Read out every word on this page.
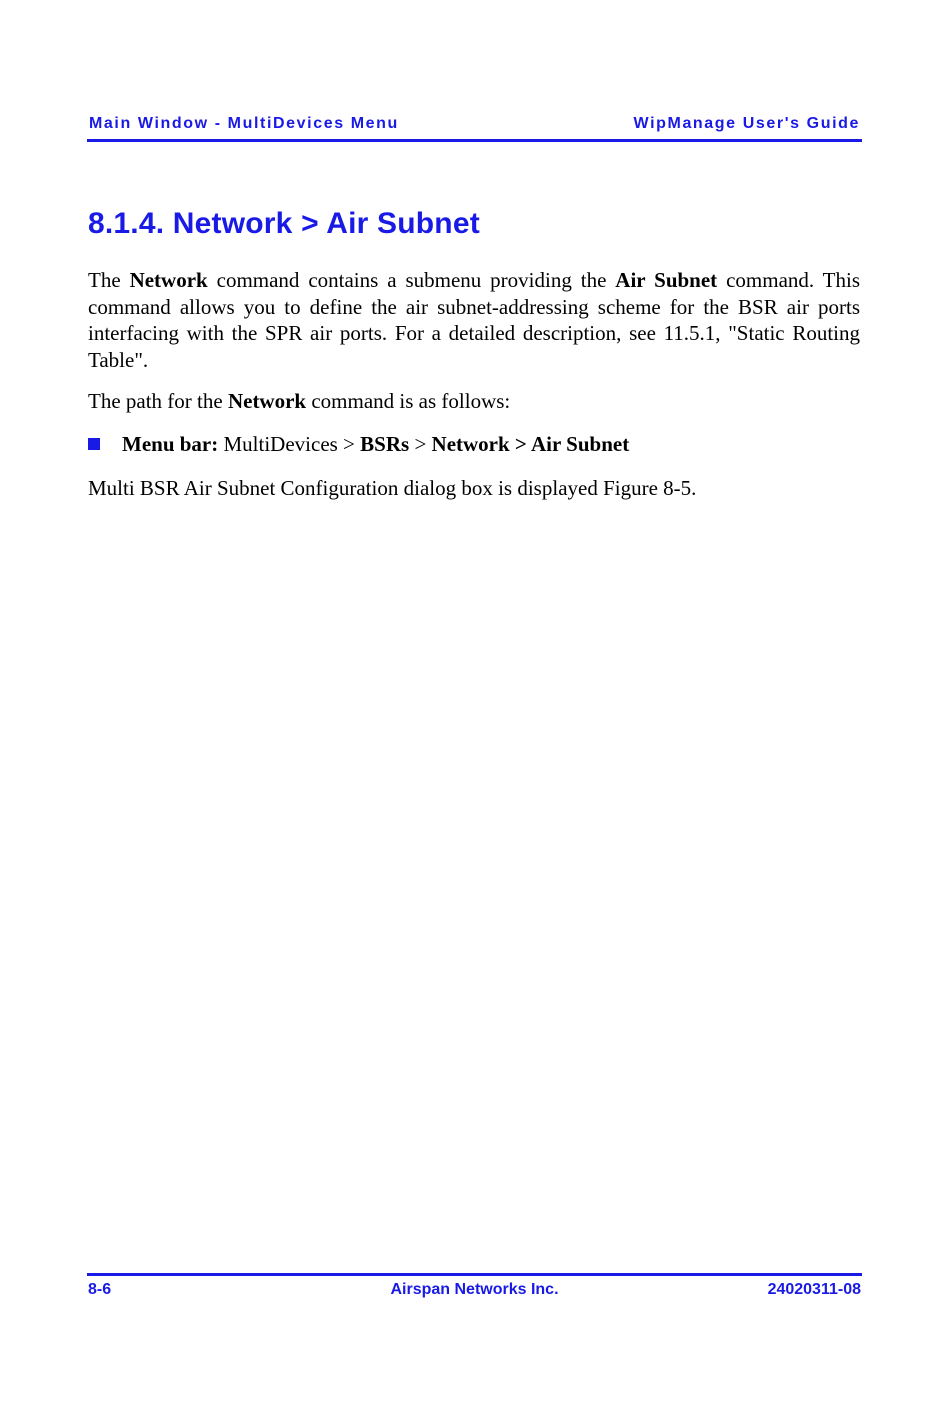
Main Window - MultiDevices Menu	WipManage User's Guide
8.1.4. Network > Air Subnet

The Network command contains a submenu providing the Air Subnet command. This command allows you to define the air subnet-addressing scheme for the BSR air ports interfacing with the SPR air ports. For a detailed description, see 11.5.1, "Static Routing Table".

The path for the Network command is as follows:

Menu bar: MultiDevices > BSRs > Network > Air Subnet

Multi BSR Air Subnet Configuration dialog box is displayed Figure 8-5.

8-6	Airspan Networks Inc.	24020311-08
